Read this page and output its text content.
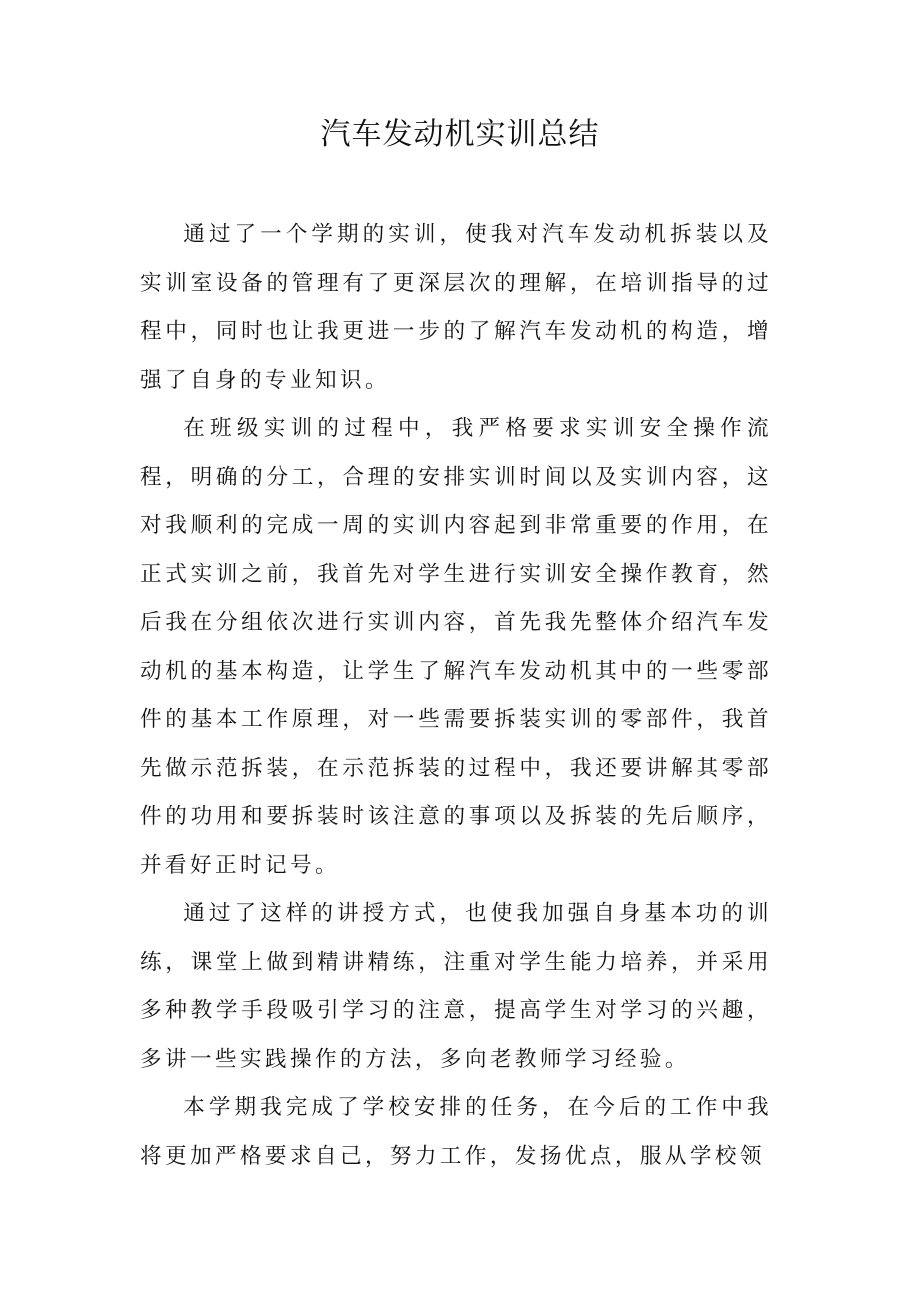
汽车发动机实训总结

通过了一个学期的实训，使我对汽车发动机拆装以及实训室设备的管理有了更深层次的理解，在培训指导的过程中，同时也让我更进一步的了解汽车发动机的构造，增强了自身的专业知识。

在班级实训的过程中，我严格要求实训安全操作流程，明确的分工，合理的安排实训时间以及实训内容，这对我顺利的完成一周的实训内容起到非常重要的作用，在正式实训之前，我首先对学生进行实训安全操作教育，然后我在分组依次进行实训内容，首先我先整体介绍汽车发动机的基本构造，让学生了解汽车发动机其中的一些零部件的基本工作原理，对一些需要拆装实训的零部件，我首先做示范拆装，在示范拆装的过程中，我还要讲解其零部件的功用和要拆装时该注意的事项以及拆装的先后顺序，并看好正时记号。

通过了这样的讲授方式，也使我加强自身基本功的训练，课堂上做到精讲精练，注重对学生能力培养，并采用多种教学手段吸引学习的注意，提高学生对学习的兴趣，多讲一些实践操作的方法，多向老教师学习经验。

本学期我完成了学校安排的任务，在今后的工作中我将更加严格要求自己，努力工作，发扬优点，服从学校领
